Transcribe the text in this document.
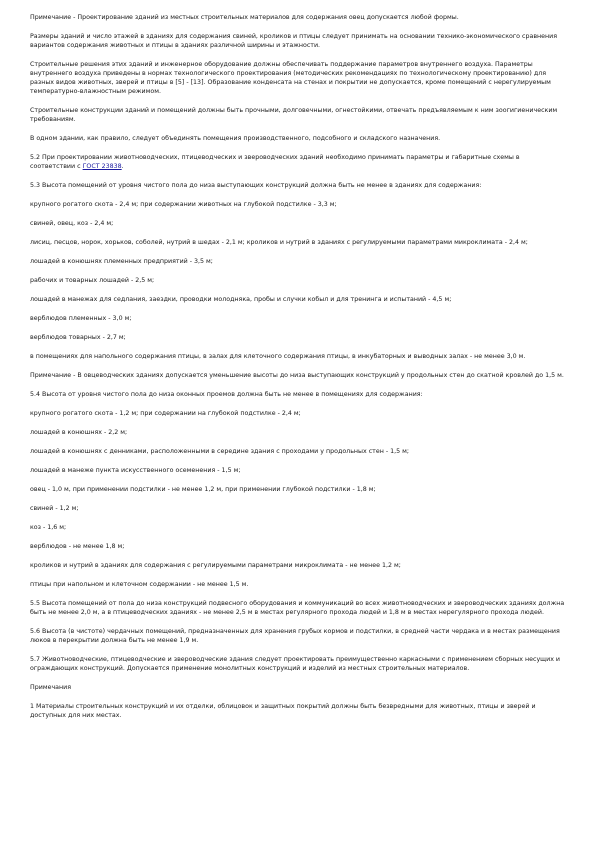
Примечание - Проектирование зданий из местных строительных материалов для содержания овец допускается любой формы.

Размеры зданий и число этажей в зданиях для содержания свиней, кроликов и птицы следует принимать на основании технико-экономического сравнения вариантов содержания животных и птицы в зданиях различной ширины и этажности.

Строительные решения этих зданий и инженерное оборудование должны обеспечивать поддержание параметров внутреннего воздуха. Параметры внутреннего воздуха приведены в нормах технологического проектирования (методических рекомендациях по технологическому проектированию) для разных видов животных, зверей и птицы в [5] - [13]. Образование конденсата на стенах и покрытии не допускается, кроме помещений с нерегулируемым температурно-влажностным режимом.

Строительные конструкции зданий и помещений должны быть прочными, долговечными, огнестойкими, отвечать предъявляемым к ним зоогигиеническим требованиям.

В одном здании, как правило, следует объединять помещения производственного, подсобного и складского назначения.

5.2 При проектировании животноводческих, птицеводческих и звероводческих зданий необходимо принимать параметры и габаритные схемы в соответствии с ГОСТ 23838.

5.3 Высота помещений от уровня чистого пола до низа выступающих конструкций должна быть не менее в зданиях для содержания:

крупного рогатого скота - 2,4 м; при содержании животных на глубокой подстилке - 3,3 м;

свиней, овец, коз - 2,4 м;

лисиц, песцов, норок, хорьков, соболей, нутрий в шедах - 2,1 м; кроликов и нутрий в зданиях с регулируемыми параметрами микроклимата - 2,4 м;

лошадей в конюшнях племенных предприятий - 3,5 м;

рабочих и товарных лошадей - 2,5 м;

лошадей в манежах для седлания, заездки, проводки молодняка, пробы и случки кобыл и для тренинга и испытаний - 4,5 м;

верблюдов племенных - 3,0 м;

верблюдов товарных - 2,7 м;

в помещениях для напольного содержания птицы, в залах для клеточного содержания птицы, в инкубаторных и выводных залах - не менее 3,0 м.

Примечание - В овцеводческих зданиях допускается уменьшение высоты до низа выступающих конструкций у продольных стен до скатной кровлей до 1,5 м.

5.4 Высота от уровня чистого пола до низа оконных проемов должна быть не менее в помещениях для содержания:

крупного рогатого скота - 1,2 м; при содержании на глубокой подстилке - 2,4 м;

лошадей в конюшнях - 2,2 м;

лошадей в конюшнях с денниками, расположенными в середине здания с проходами у продольных стен - 1,5 м;

лошадей в манеже пункта искусственного осеменения - 1,5 м;

овец - 1,0 м, при применении подстилки - не менее 1,2 м, при применении глубокой подстилки - 1,8 м;

свиней - 1,2 м;

коз - 1,6 м;

верблюдов - не менее 1,8 м;

кроликов и нутрий в зданиях для содержания с регулируемыми параметрами микроклимата - не менее 1,2 м;

птицы при напольном и клеточном содержании - не менее 1,5 м.

5.5 Высота помещений от пола до низа конструкций подвесного оборудования и коммуникаций во всех животноводческих и звероводческих зданиях должна быть не менее 2,0 м, а в птицеводческих зданиях - не менее 2,5 м в местах регулярного прохода людей и 1,8 м в местах нерегулярного прохода людей.

5.6 Высота (в чистоте) чердачных помещений, предназначенных для хранения грубых кормов и подстилки, в средней части чердака и в местах размещения люков в перекрытии должна быть не менее 1,9 м.

5.7 Животноводческие, птицеводческие и звероводческие здания следует проектировать преимущественно каркасными с применением сборных несущих и ограждающих конструкций. Допускается применение монолитных конструкций и изделий из местных строительных материалов.

Примечания

1 Материалы строительных конструкций и их отделки, облицовок и защитных покрытий должны быть безвредными для животных, птицы и зверей и доступных для них местах.
